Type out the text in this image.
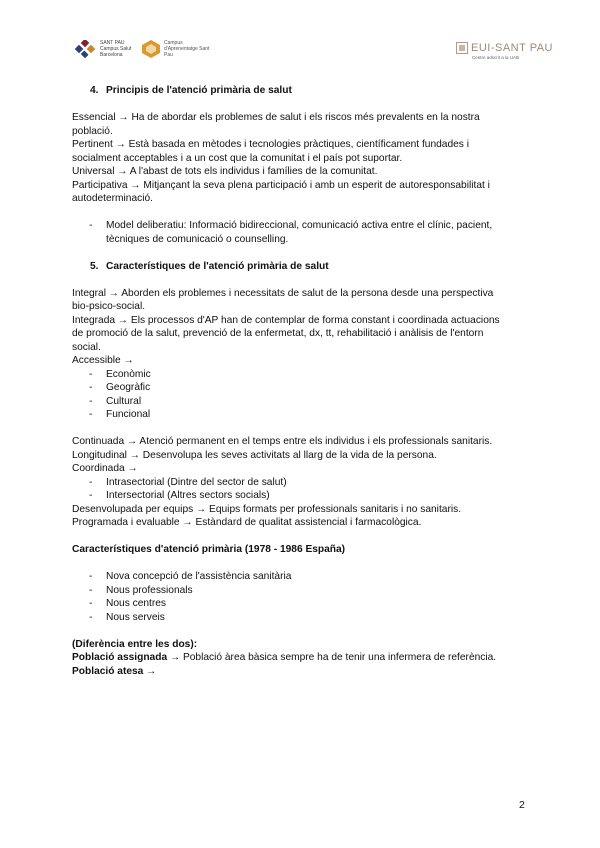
SANT PAU Campus Salut Barcelona
Campus d'Aprenentatge Sant Pau
EUI-SANT PAU
Centre adscrit a la UAB
4. Principis de l'atenció primària de salut

Essencial → Ha de abordar els problemes de salut i els riscos més prevalents en la nostra població.

Pertinent → Està basada en mètodes i tecnologies pràctiques, científicament fundades i socialment acceptables i a un cost que la comunitat i el país pot suportar.

Universal → A l'abast de tots els individus i famílies de la comunitat.

Participativa → Mitjançant la seva plena participació i amb un esperit de autoresponsabilitat i autodeterminació.

-	Model deliberatiu: Informació bidireccional, comunicació activa entre el clínic, pacient, tècniques de comunicació o counselling.
5. Característiques de l'atenció primària de salut

Integral → Aborden els problemes i necessitats de salut de la persona desde una perspectiva bio-psico-social.

Integrada → Els processos d'AP han de contemplar de forma constant i coordinada actuacions de promoció de la salut, prevenció de la enfermetat, dx, tt, rehabilitació i anàlisis de l'entorn social.

Accessible →

-	Econòmic
-	Geogràfic
-	Cultural
-	Funcional

Continuada → Atenció permanent en el temps entre els individus i els professionals sanitaris.

Longitudinal → Desenvolupa les seves activitats al llarg de la vida de la persona.

Coordinada →

-	Intrasectorial (Dintre del sector de salut)
-	Intersectorial (Altres sectors socials)

Desenvolupada per equips → Equips formats per professionals sanitaris i no sanitaris.

Programada i evaluable → Estàndard de qualitat assistencial i farmacològica.

Característiques d'atenció primària (1978 - 1986 España)

-	Nova concepció de l'assistència sanitària
-	Nous professionals
-	Nous centres
-	Nous serveis

(Diferència entre les dos):

Població assignada → Població àrea bàsica sempre ha de tenir una infermera de referència.

Població atesa →

2
